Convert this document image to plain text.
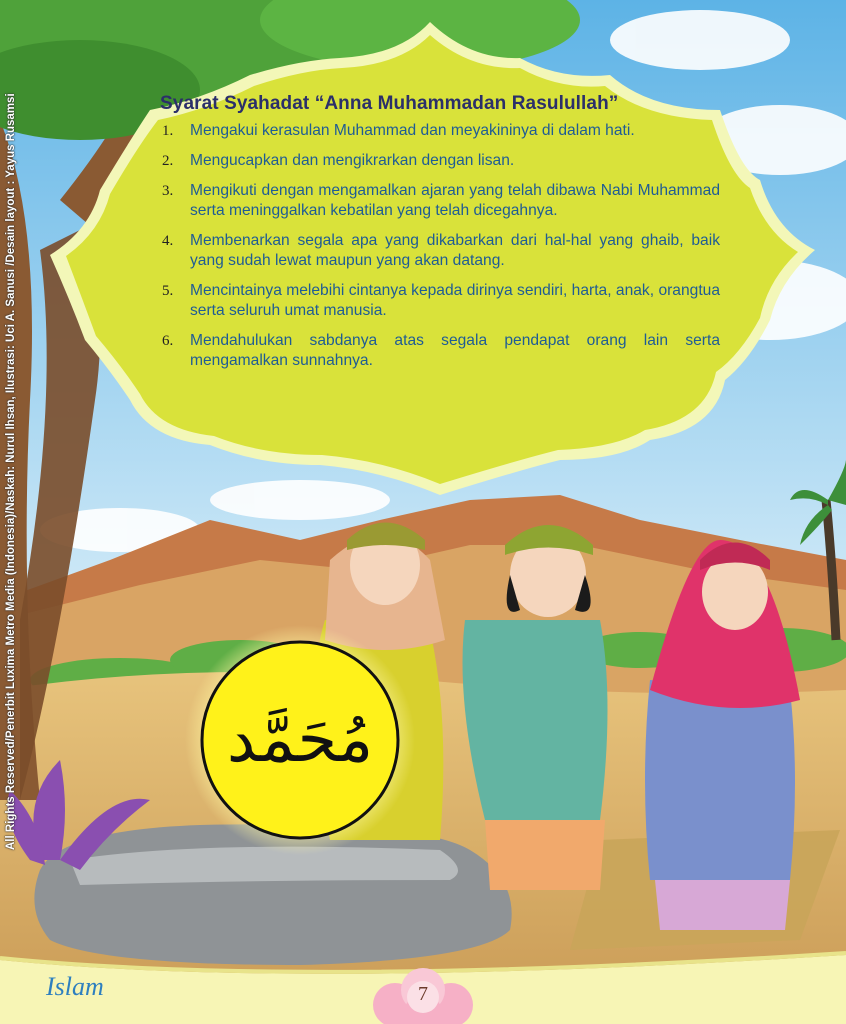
All Rights Reserved/Penerbit Luxima Metro Media (Indonesia)/Naskah: Nurul Ihsan, Ilustrasi: Uci A. Sanusi /Desain layout : Yayus Rusamsi	مُحَمَّد
Syarat Syahadat “Anna Muhammadan Rasulullah”
1. Mengakui kerasulan Muhammad dan meyakininya di dalam hati.
2. Mengucapkan dan mengikrarkan dengan lisan.
3. Mengikuti dengan mengamalkan ajaran yang telah dibawa Nabi Muhammad serta meninggalkan kebatilan yang telah dicegahnya.
4. Membenarkan segala apa yang dikabarkan dari hal-hal yang ghaib, baik yang sudah lewat maupun yang akan datang.
5. Mencintainya melebihi cintanya kepada dirinya sendiri, harta, anak, orangtua serta seluruh umat manusia.
6. Mendahulukan sabdanya atas segala pendapat orang lain serta mengamalkan sunnahnya.
Islam	7
